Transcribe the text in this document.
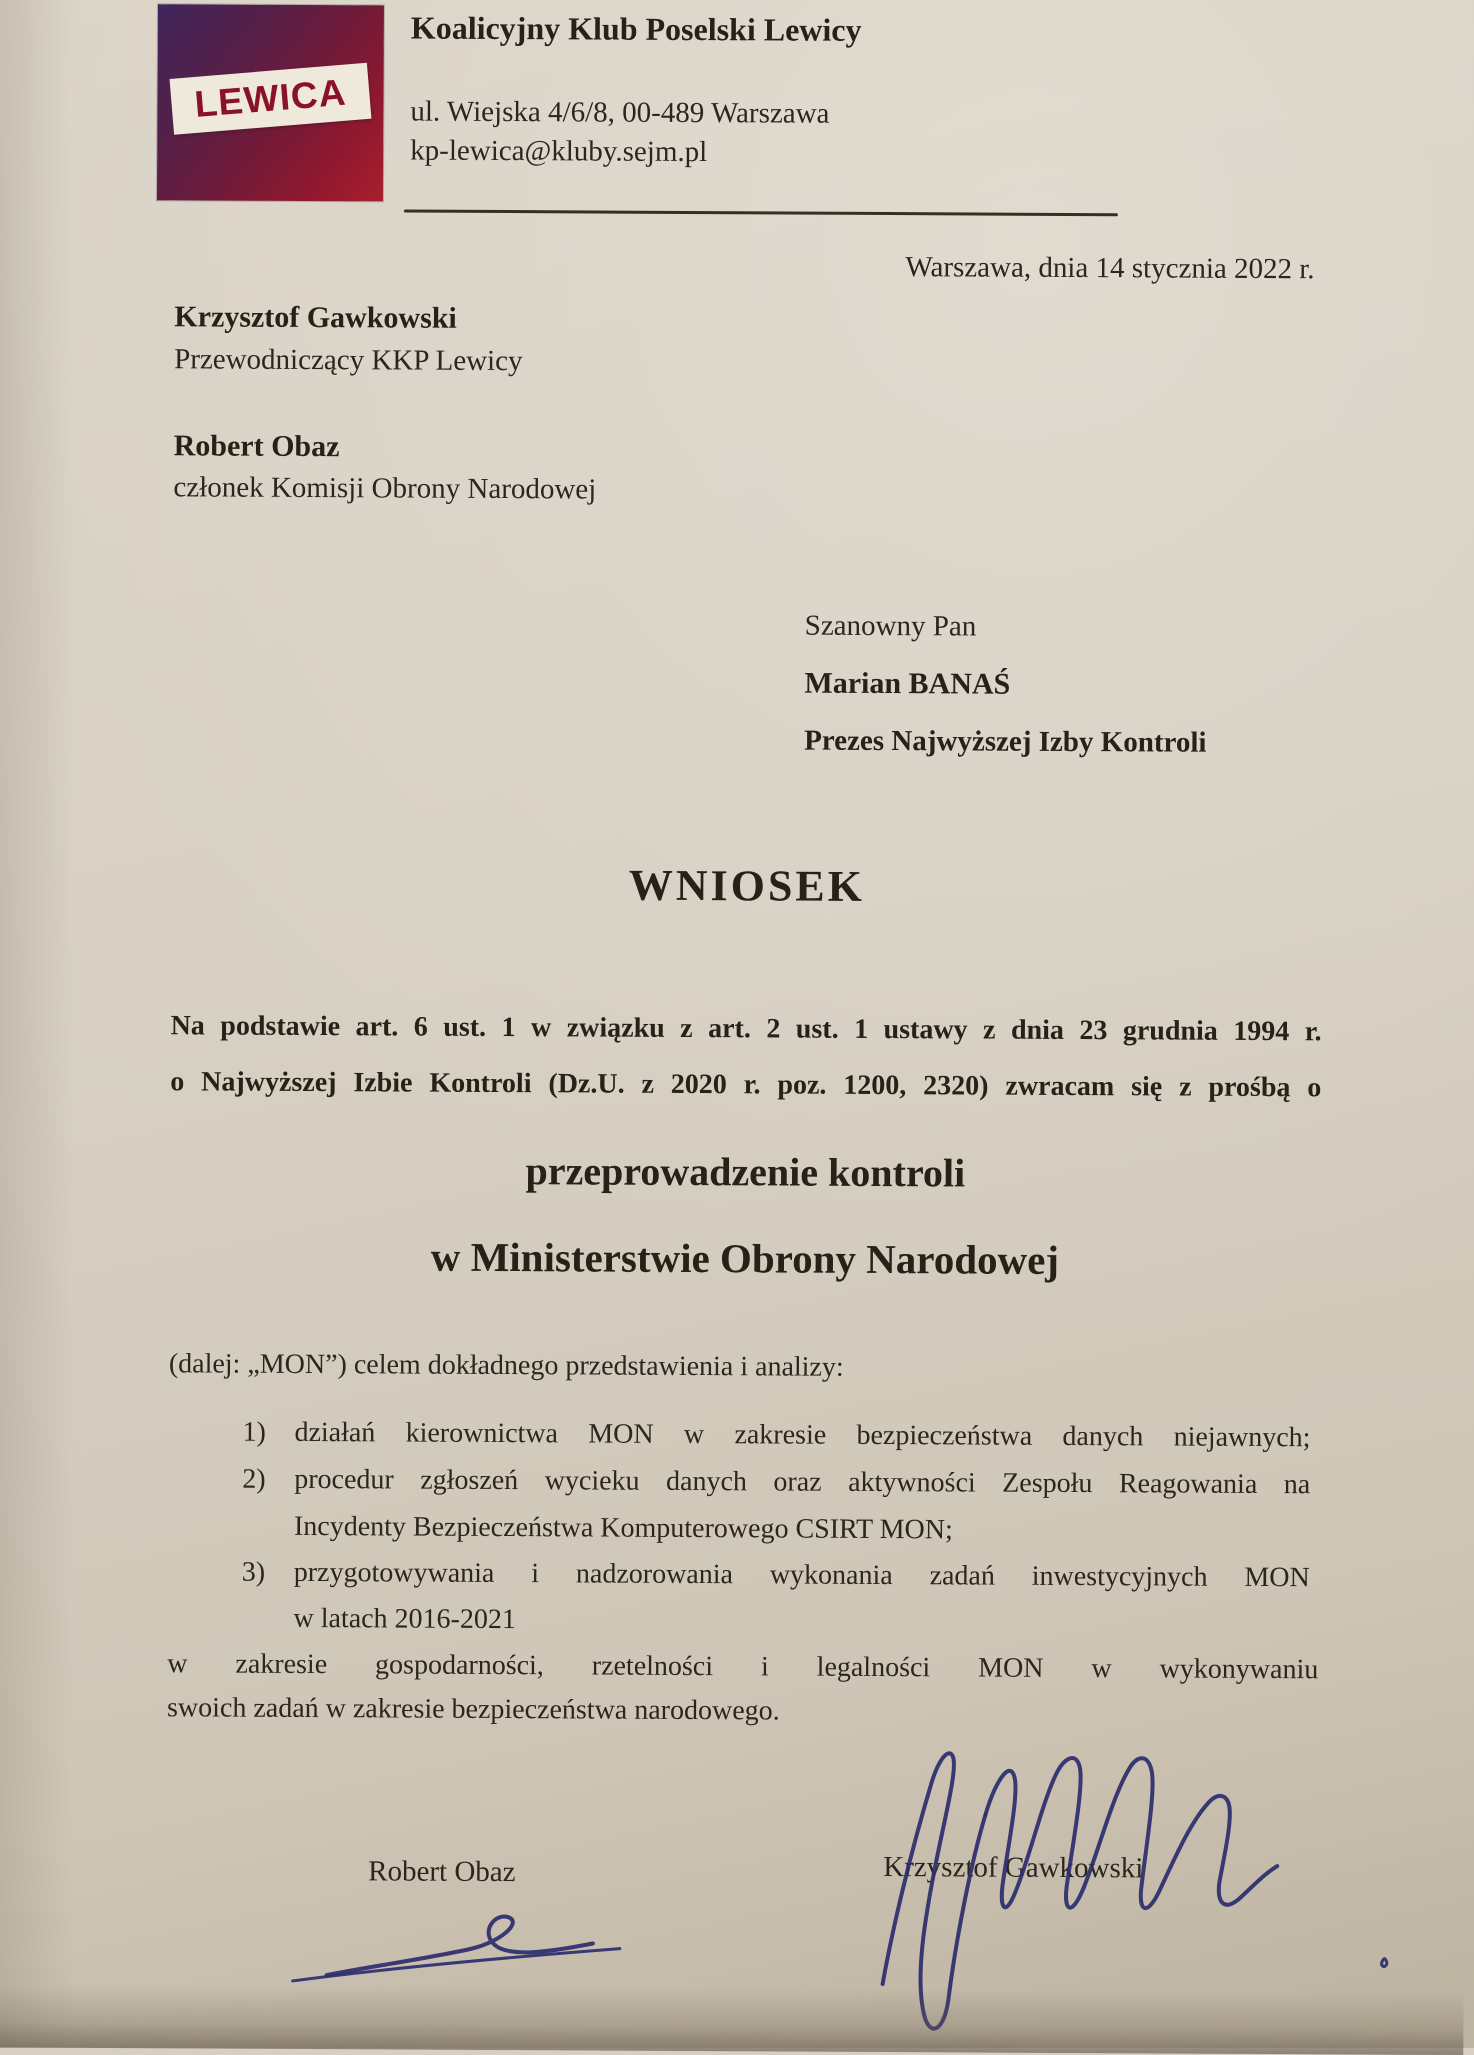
LEWICA
Koalicyjny Klub Poselski Lewicy
ul. Wiejska 4/6/8, 00-489 Warszawa
kp-lewica@kluby.sejm.pl
Warszawa, dnia 14 stycznia 2022 r.
Krzysztof Gawkowski
Przewodniczący KKP Lewicy
Robert Obaz
członek Komisji Obrony Narodowej
Szanowny Pan
Marian BANAŚ
Prezes Najwyższej Izby Kontroli
WNIOSEK
Na podstawie art. 6 ust. 1 w związku z art. 2 ust. 1 ustawy z dnia 23 grudnia 1994 r.
o Najwyższej Izbie Kontroli (Dz.U. z 2020 r. poz. 1200, 2320) zwracam się z prośbą o
przeprowadzenie kontroli
w Ministerstwie Obrony Narodowej
(dalej: „MON”) celem dokładnego przedstawienia i analizy:
1) działań kierownictwa MON w zakresie bezpieczeństwa danych niejawnych;
2) procedur zgłoszeń wycieku danych oraz aktywności Zespołu Reagowania na
Incydenty Bezpieczeństwa Komputerowego CSIRT MON;
3) przygotowywania i nadzorowania wykonania zadań inwestycyjnych MON
w latach 2016-2021
w zakresie gospodarności, rzetelności i legalności MON w wykonywaniu
swoich zadań w zakresie bezpieczeństwa narodowego.
Robert Obaz	Krzysztof Gawkowski
